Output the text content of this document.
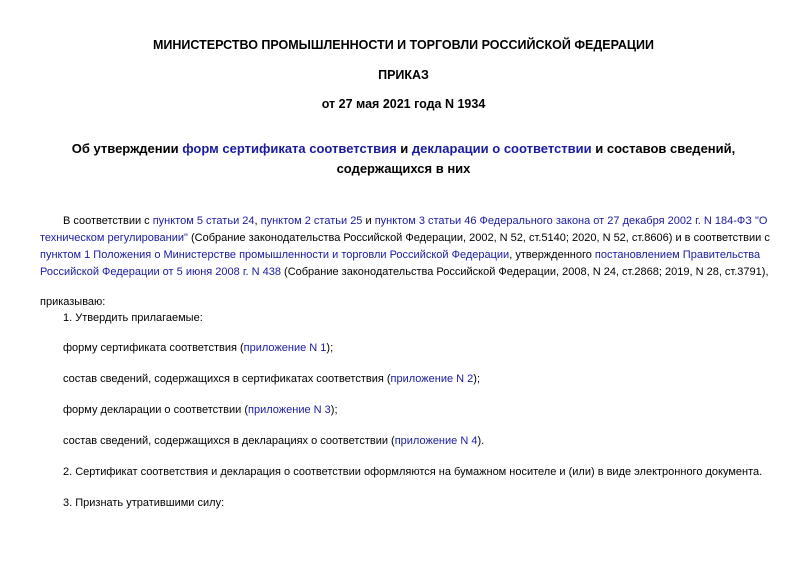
МИНИСТЕРСТВО ПРОМЫШЛЕННОСТИ И ТОРГОВЛИ РОССИЙСКОЙ ФЕДЕРАЦИИ
ПРИКАЗ
от 27 мая 2021 года N 1934
Об утверждении форм сертификата соответствия и декларации о соответствии и составов сведений,
содержащихся в них
В соответствии с пунктом 5 статьи 24, пунктом 2 статьи 25 и пунктом 3 статьи 46 Федерального закона от 27 декабря 2002 г. N 184-ФЗ "О
техническом регулировании" (Собрание законодательства Российской Федерации, 2002, N 52, ст.5140; 2020, N 52, ст.8606) и в соответствии с
пунктом 1 Положения о Министерстве промышленности и торговли Российской Федерации, утвержденного постановлением Правительства
Российской Федерации от 5 июня 2008 г. N 438 (Собрание законодательства Российской Федерации, 2008, N 24, ст.2868; 2019, N 28, ст.3791),
приказываю:
1. Утвердить прилагаемые:
форму сертификата соответствия (приложение N 1);
состав сведений, содержащихся в сертификатах соответствия (приложение N 2);
форму декларации о соответствии (приложение N 3);
состав сведений, содержащихся в декларациях о соответствии (приложение N 4).
2. Сертификат соответствия и декларация о соответствии оформляются на бумажном носителе и (или) в виде электронного документа.
3. Признать утратившими силу:
